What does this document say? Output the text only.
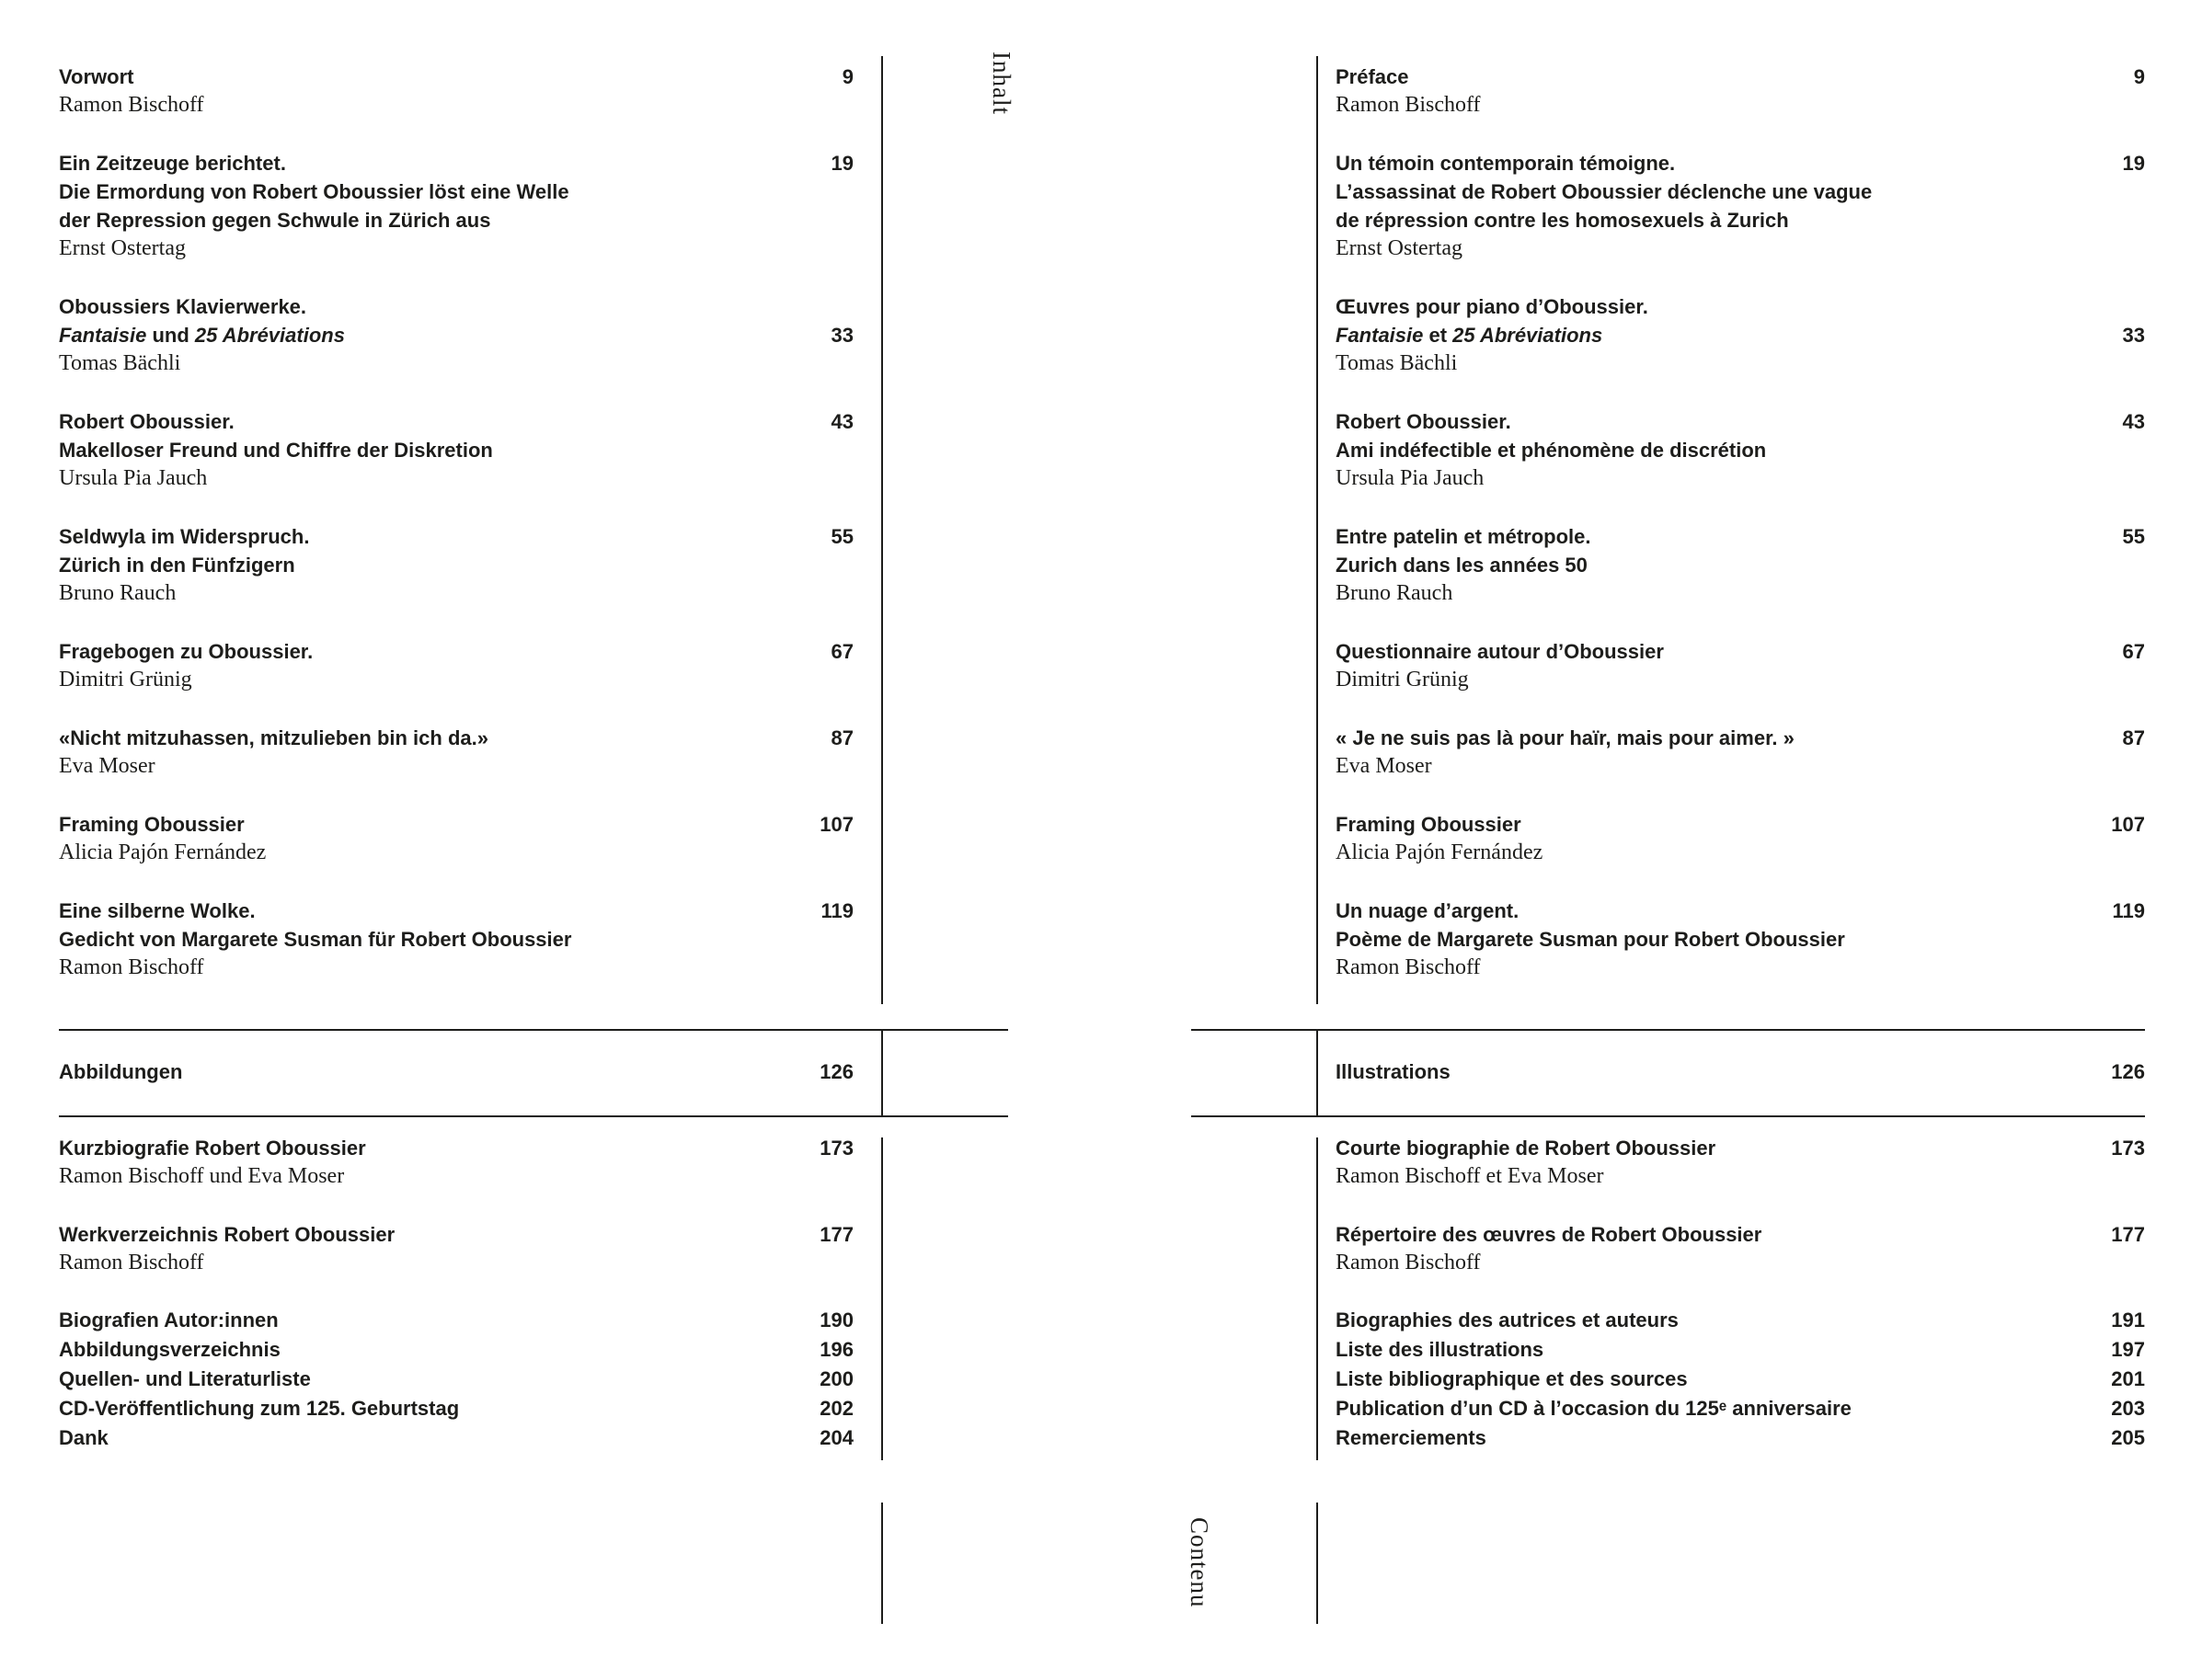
Vorwort	9
Ramon Bischoff
Ein Zeitzeuge berichtet.	19
Die Ermordung von Robert Oboussier löst eine Welle
der Repression gegen Schwule in Zürich aus
Ernst Ostertag
Oboussiers Klavierwerke.
Fantaisie und 25 Abréviations	33
Tomas Bächli
Robert Oboussier.	43
Makelloser Freund und Chiffre der Diskretion
Ursula Pia Jauch
Seldwyla im Widerspruch.	55
Zürich in den Fünfzigern
Bruno Rauch
Fragebogen zu Oboussier.	67
Dimitri Grünig
«Nicht mitzuhassen, mitzulieben bin ich da.»	87
Eva Moser
Framing Oboussier	107
Alicia Pajón Fernández
Eine silberne Wolke.	119
Gedicht von Margarete Susman für Robert Oboussier
Ramon Bischoff
Abbildungen	126
Kurzbiografie Robert Oboussier	173
Ramon Bischoff und Eva Moser
Werkverzeichnis Robert Oboussier	177
Ramon Bischoff
Biografien Autor:innen	190
Abbildungsverzeichnis	196
Quellen- und Literaturliste	200
CD-Veröffentlichung zum 125. Geburtstag	202
Dank	204
Préface	9
Ramon Bischoff
Un témoin contemporain témoigne.	19
L’assassinat de Robert Oboussier déclenche une vague
de répression contre les homosexuels à Zurich
Ernst Ostertag
Œuvres pour piano d’Oboussier.
Fantaisie et 25 Abréviations	33
Tomas Bächli
Robert Oboussier.	43
Ami indéfectible et phénomène de discrétion
Ursula Pia Jauch
Entre patelin et métropole.	55
Zurich dans les années 50
Bruno Rauch
Questionnaire autour d’Oboussier	67
Dimitri Grünig
« Je ne suis pas là pour haïr, mais pour aimer. »	87
Eva Moser
Framing Oboussier	107
Alicia Pajón Fernández
Un nuage d’argent.	119
Poème de Margarete Susman pour Robert Oboussier
Ramon Bischoff
Illustrations	126
Courte biographie de Robert Oboussier	173
Ramon Bischoff et Eva Moser
Répertoire des œuvres de Robert Oboussier	177
Ramon Bischoff
Biographies des autrices et auteurs	191
Liste des illustrations	197
Liste bibliographique et des sources	201
Publication d’un CD à l’occasion du 125ᵉ anniversaire	203
Remerciements	205
Inhalt
Contenu
